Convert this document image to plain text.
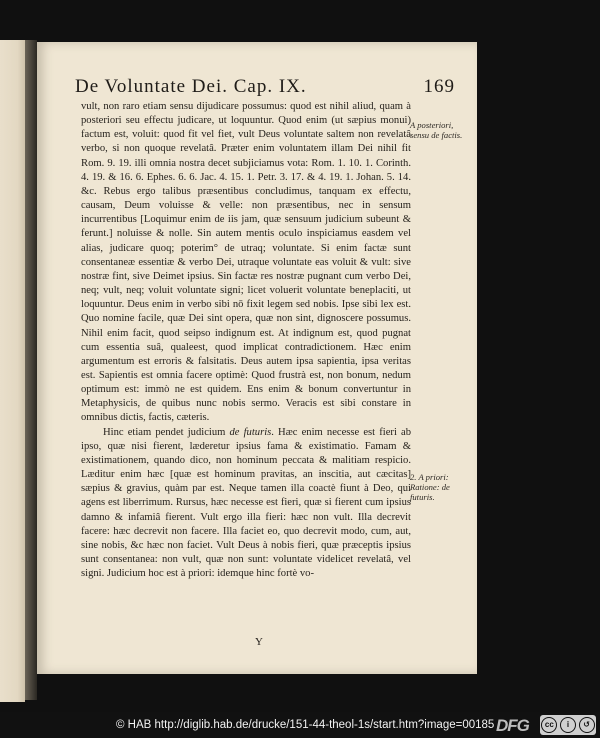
De Voluntate Dei. Cap. IX.	169

vult, non raro etiam sensu dijudicare possumus: quod est nihil aliud, quam à posteriori seu effectu judicare, ut loquuntur. Quod enim (ut sæpius monui) factum est, voluit: quod fit vel fiet, vult Deus voluntate saltem non revelatâ verbo, si non quoque revelatâ. Præter enim voluntatem illam Dei nihil fit Rom. 9. 19. illi omnia nostra decet subjiciamus vota: Rom. 1. 10. 1. Corinth. 4. 19. & 16. 6. Ephes. 6. 6. Jac. 4. 15. 1. Petr. 3. 17. & 4. 19. 1. Johan. 5. 14. &c. Rebus ergo talibus præsentibus concludimus, tanquam ex effectu, causam, Deum voluisse & velle: non præsentibus, nec in sensum incurrentibus [Loquimur enim de iis jam, quæ sensuum judicium subeunt & ferunt.] noluisse & nolle. Sin autem mentis oculo inspiciamus easdem vel alias, judicare quoq; poterim° de utraq; voluntate. Si enim factæ sunt consentaneæ essentiæ & verbo Dei, utraque voluntate eas voluit & vult: sive nostræ fint, sive Deimet ipsius. Sin factæ res nostræ pugnant cum verbo Dei, neq; vult, neq; voluit voluntate signi; licet voluerit voluntate beneplaciti, ut loquuntur. Deus enim in verbo sibi nō fixit legem sed nobis. Ipse sibi lex est. Quo nomine facile, quæ Dei sint opera, quæ non sint, dignoscere possumus. Nihil enim facit, quod seipso indignum est. At indignum est, quod pugnat cum essentia suâ, qualeest, quod implicat contradictionem. Hæc enim argumentum est erroris & falsitatis. Deus autem ipsa sapientia, ipsa veritas est. Sapientis est omnia facere optimè: Quod frustrà est, non bonum, nedum optimum est: immò ne est quidem. Ens enim & bonum convertuntur in Metaphysicis, de quibus nunc nobis sermo. Veracis est sibi constare in omnibus dictis, factis, cæteris.

Hinc etiam pendet judicium de futuris. Hæc enim necesse est fieri ab ipso, quæ nisi fierent, læderetur ipsius fama & existimatio. Famam & existimationem, quando dico, non hominum peccata & malitiam respicio. Læditur enim hæc [quæ est hominum pravitas, an inscitia, aut cæcitas] sæpius & gravius, quàm par est. Neque tamen illa coactè fiunt à Deo, qui agens est liberrimum. Rursus, hæc necesse est fieri, quæ si fierent cum ipsius damno & infamiâ fierent. Vult ergo illa fieri: hæc non vult. Illa decrevit facere: hæc decrevit non facere. Illa faciet eo, quo decrevit modo, cum, aut, sine nobis, &c hæc non faciet. Vult Deus à nobis fieri, quæ præceptis ipsius sunt consentanea: non vult, quæ non sunt: voluntate videlicet revelatâ, vel signi. Judicium hoc est à priori: idemque hinc fortè vo-

A posteriori, sensu de factis.
2. A priori: Ratione: de futuris.
Y
© HAB http://diglib.hab.de/drucke/151-44-theol-1s/start.htm?image=00185 DFG	cc	i	↺
